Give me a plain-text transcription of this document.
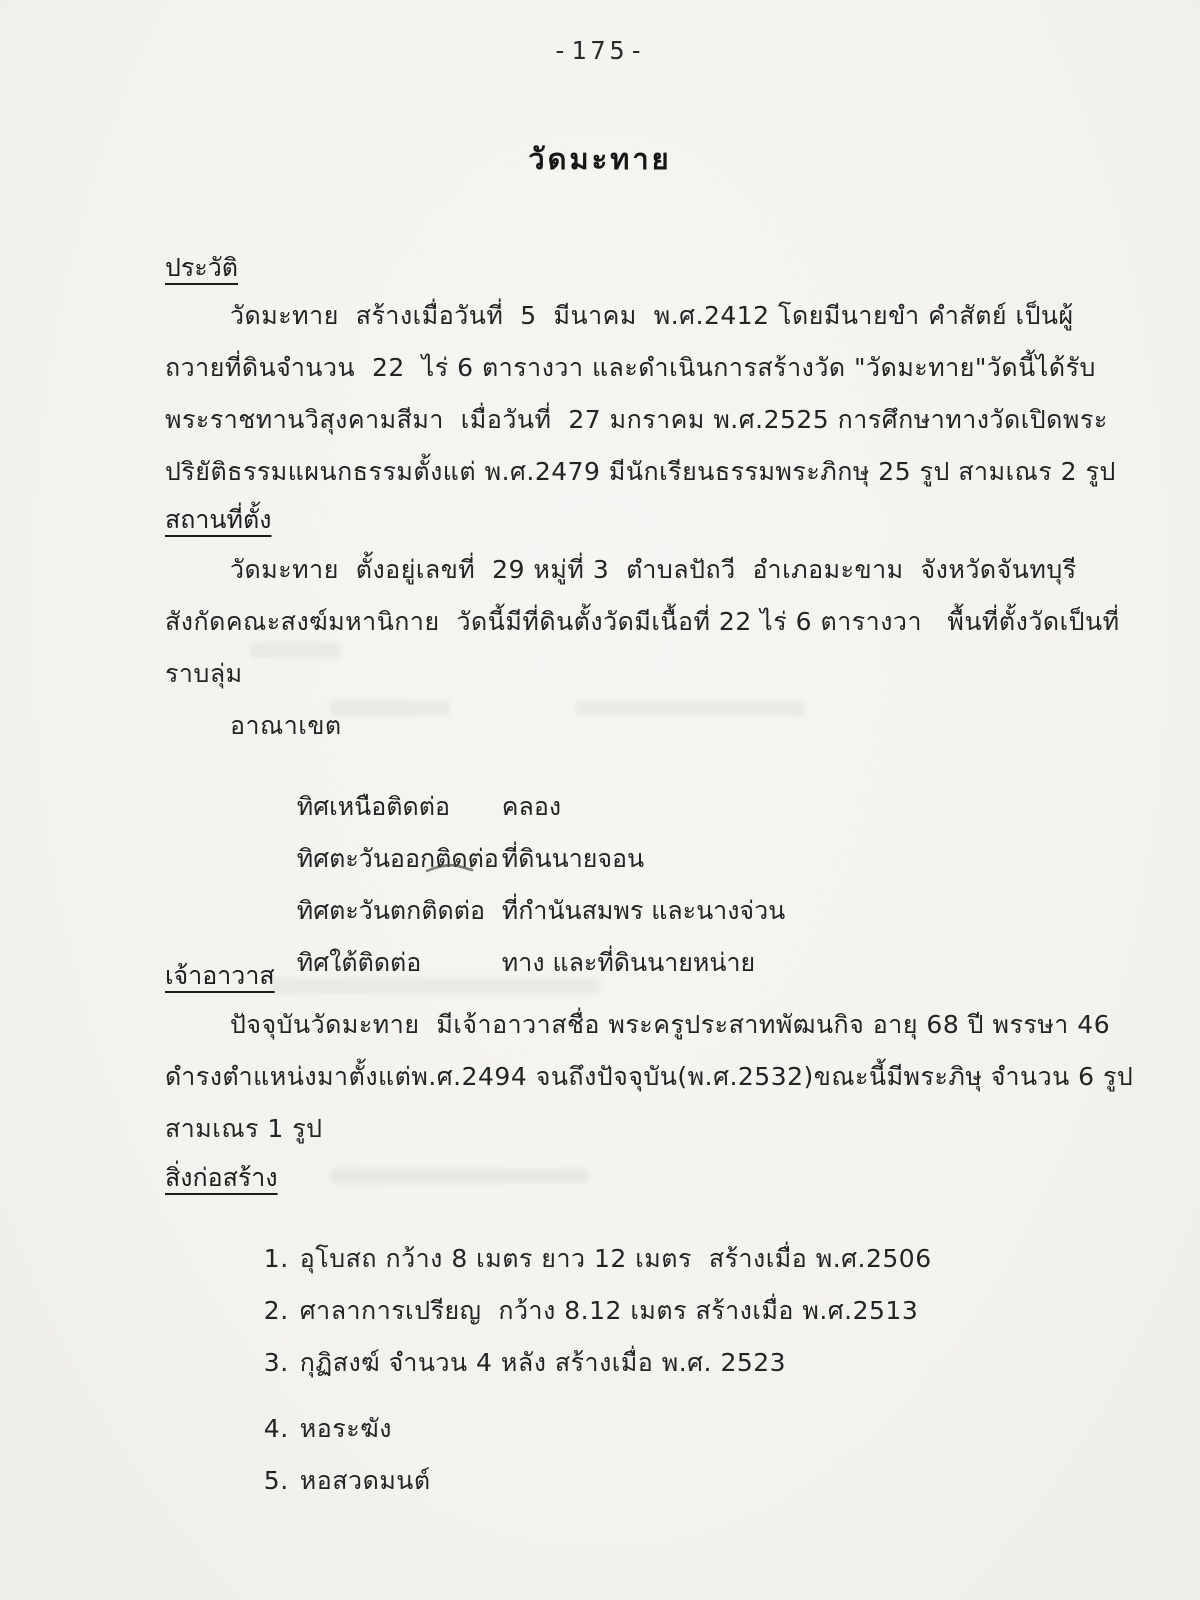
-175-
วัดมะทาย
ประวัติ
วัดมะทาย  สร้างเมื่อวันที่  5  มีนาคม  พ.ศ.2412 โดยมีนายขำ คำสัตย์ เป็นผู้
ถวายที่ดินจำนวน  22  ไร่ 6 ตารางวา และดำเนินการสร้างวัด "วัดมะทาย"วัดนี้ได้รับ
พระราชทานวิสุงคามสีมา  เมื่อวันที่  27 มกราคม พ.ศ.2525 การศึกษาทางวัดเปิดพระ
ปริยัติธรรมแผนกธรรมตั้งแต่ พ.ศ.2479 มีนักเรียนธรรมพระภิกษุ 25 รูป สามเณร 2 รูป
สถานที่ตั้ง
วัดมะทาย  ตั้งอยู่เลขที่  29 หมู่ที่ 3  ตำบลปัถวี  อำเภอมะขาม  จังหวัดจันทบุรี
สังกัดคณะสงฆ์มหานิกาย  วัดนี้มีที่ดินตั้งวัดมีเนื้อที่ 22 ไร่ 6 ตารางวา   พื้นที่ตั้งวัดเป็นที่
ราบลุ่ม
อาณาเขต

ทิศเหนือติดต่อ คลอง

ทิศตะวันออกติดต่อ ที่ดินนายจอน

ทิศตะวันตกติดต่อ ที่กำนันสมพร และนางจ่วน

ทิศใต้ติดต่อ	ทาง และที่ดินนายหน่าย

เจ้าอาวาส
ปัจจุบันวัดมะทาย  มีเจ้าอาวาสชื่อ พระครูประสาทพัฒนกิจ อายุ 68 ปี พรรษา 46
ดำรงตำแหน่งมาตั้งแต่พ.ศ.2494 จนถึงปัจจุบัน(พ.ศ.2532)ขณะนี้มีพระภิษุ จำนวน 6 รูป
สามเณร 1 รูป
สิ่งก่อสร้าง

1. อุโบสถ กว้าง 8 เมตร ยาว 12 เมตร  สร้างเมื่อ พ.ศ.2506

2. ศาลาการเปรียญ  กว้าง 8.12 เมตร สร้างเมื่อ พ.ศ.2513

3. กุฏิสงฆ์ จำนวน 4 หลัง สร้างเมื่อ พ.ศ. 2523

4. หอระฆัง

5. หอสวดมนต์
